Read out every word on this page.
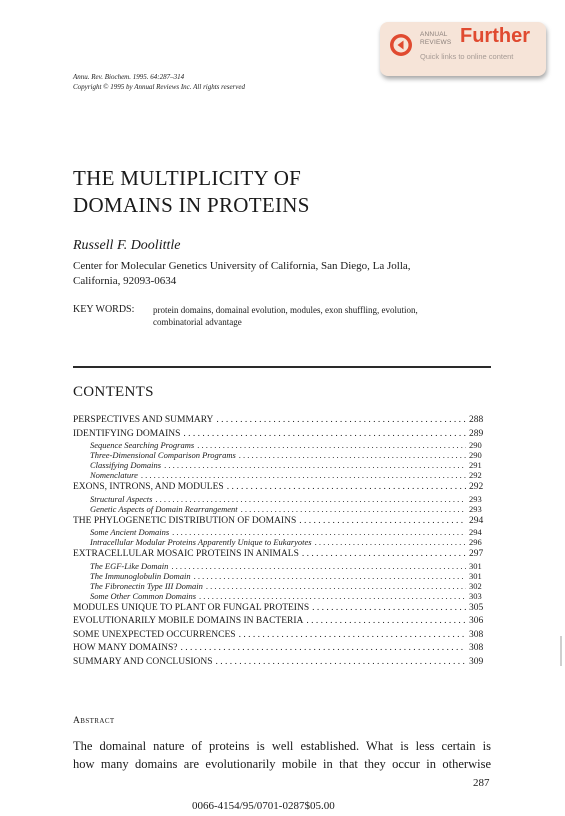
ANNUAL
REVIEWS Further
Quick links to online content
Annu. Rev. Biochem. 1995. 64:287–314
Copyright © 1995 by Annual Reviews Inc. All rights reserved
THE MULTIPLICITY OF
DOMAINS IN PROTEINS
Russell F. Doolittle
Center for Molecular Genetics University of California, San Diego, La Jolla,
California, 92093-0634
KEY WORDS: protein domains, domainal evolution, modules, exon shuffling, evolution,
combinatorial advantage
CONTENTS
PERSPECTIVES AND SUMMARY . . .	288
IDENTIFYING DOMAINS . . .	289
Sequence Searching Programs . . .	290
Three-Dimensional Comparison Programs . . .	290
Classifying Domains . . .	291
Nomenclature . . .	292
EXONS, INTRONS, AND MODULES . . .	292
Structural Aspects . . .	293
Genetic Aspects of Domain Rearrangement . . .	293
THE PHYLOGENETIC DISTRIBUTION OF DOMAINS . . .	294
Some Ancient Domains . . .	294
Intracellular Modular Proteins Apparently Unique to Eukaryotes . . .	296
EXTRACELLULAR MOSAIC PROTEINS IN ANIMALS . . .	297
The EGF-Like Domain . . .	301
The Immunoglobulin Domain . . .	301
The Fibronectin Type III Domain . . .	302
Some Other Common Domains . . .	303
MODULES UNIQUE TO PLANT OR FUNGAL PROTEINS . . .	305
EVOLUTIONARILY MOBILE DOMAINS IN BACTERIA . . .	306
SOME UNEXPECTED OCCURRENCES . . .	308
HOW MANY DOMAINS? . . .	308
SUMMARY AND CONCLUSIONS . . .	309
Abstract
The domainal nature of proteins is well established. What is less certain is
how many domains are evolutionarily mobile in that they occur in otherwise
287
0066-4154/95/0701-0287$05.00
